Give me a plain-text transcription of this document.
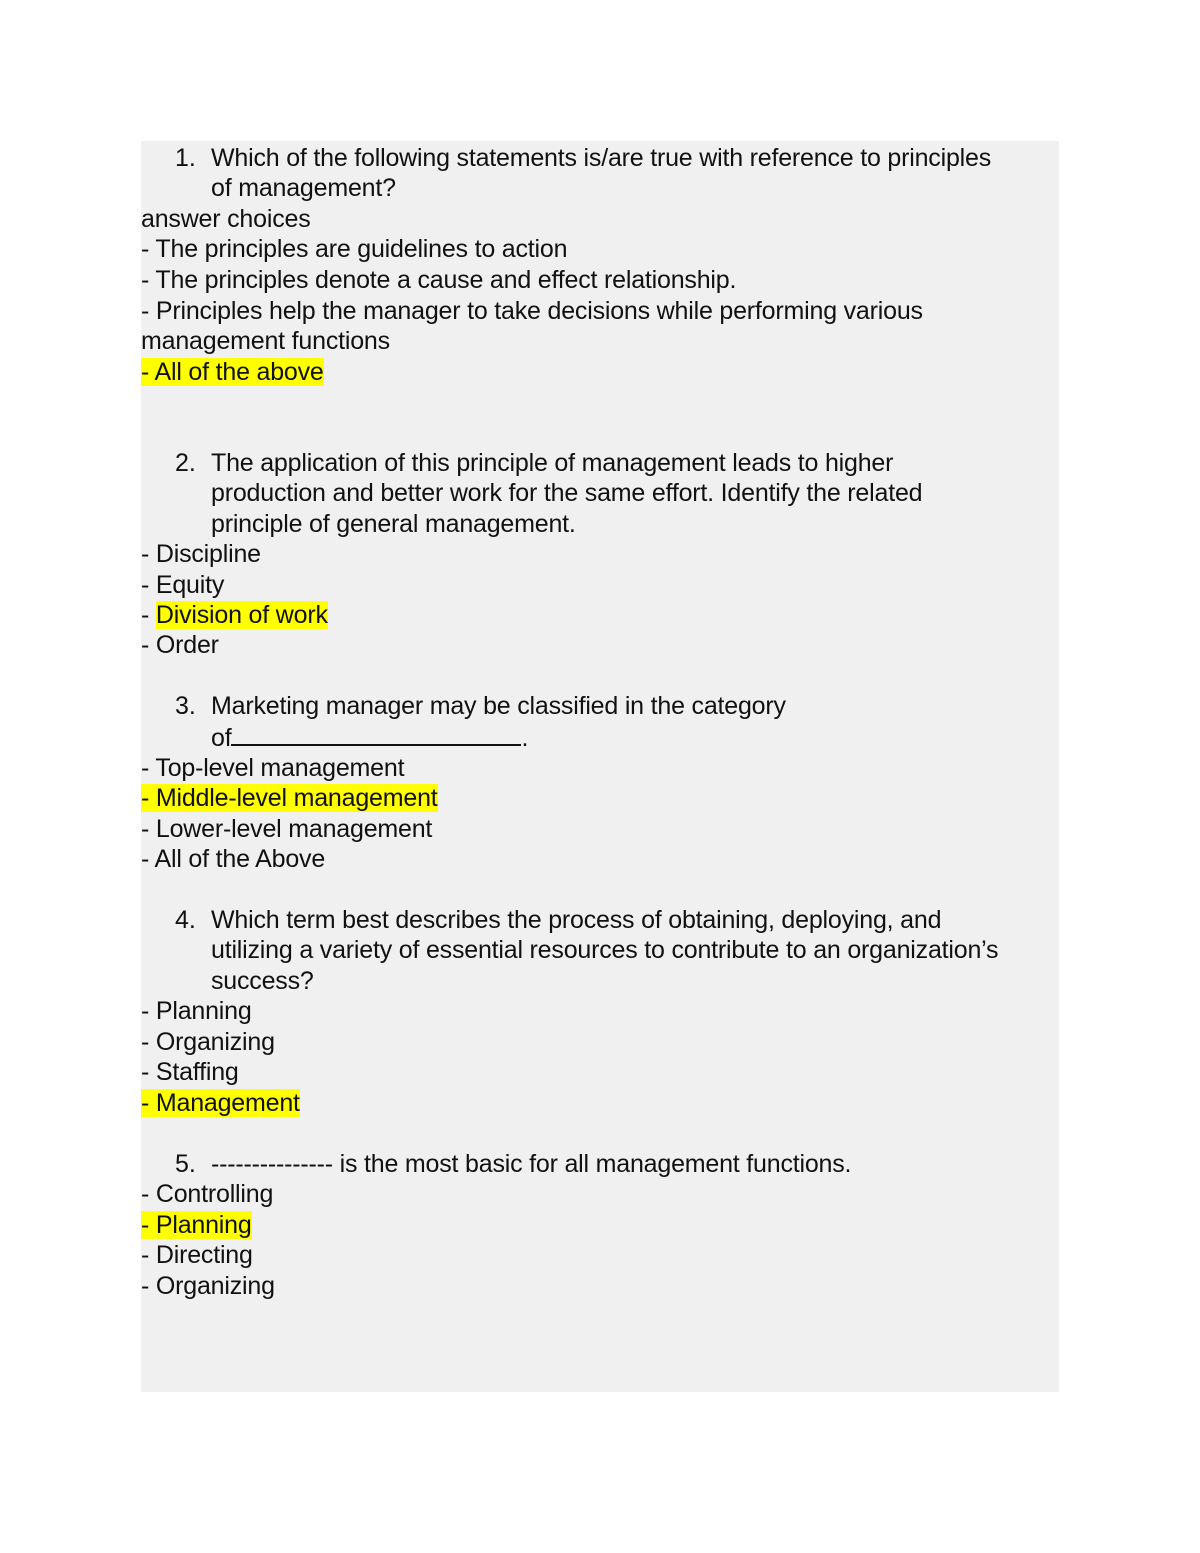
1. Which of the following statements is/are true with reference to principles
of management?
answer choices
- The principles are guidelines to action
- The principles denote a cause and effect relationship.
- Principles help the manager to take decisions while performing various
management functions
- All of the above
2. The application of this principle of management leads to higher
production and better work for the same effort. Identify the related
principle of general management.
- Discipline
- Equity
- Division of work
- Order
3. Marketing manager may be classified in the category
of	.
- Top-level management
- Middle-level management
- Lower-level management
- All of the Above
4. Which term best describes the process of obtaining, deploying, and
utilizing a variety of essential resources to contribute to an organization’s
success?
- Planning
- Organizing
- Staffing
- Management
5. --------------- is the most basic for all management functions.
- Controlling
- Planning
- Directing
- Organizing
